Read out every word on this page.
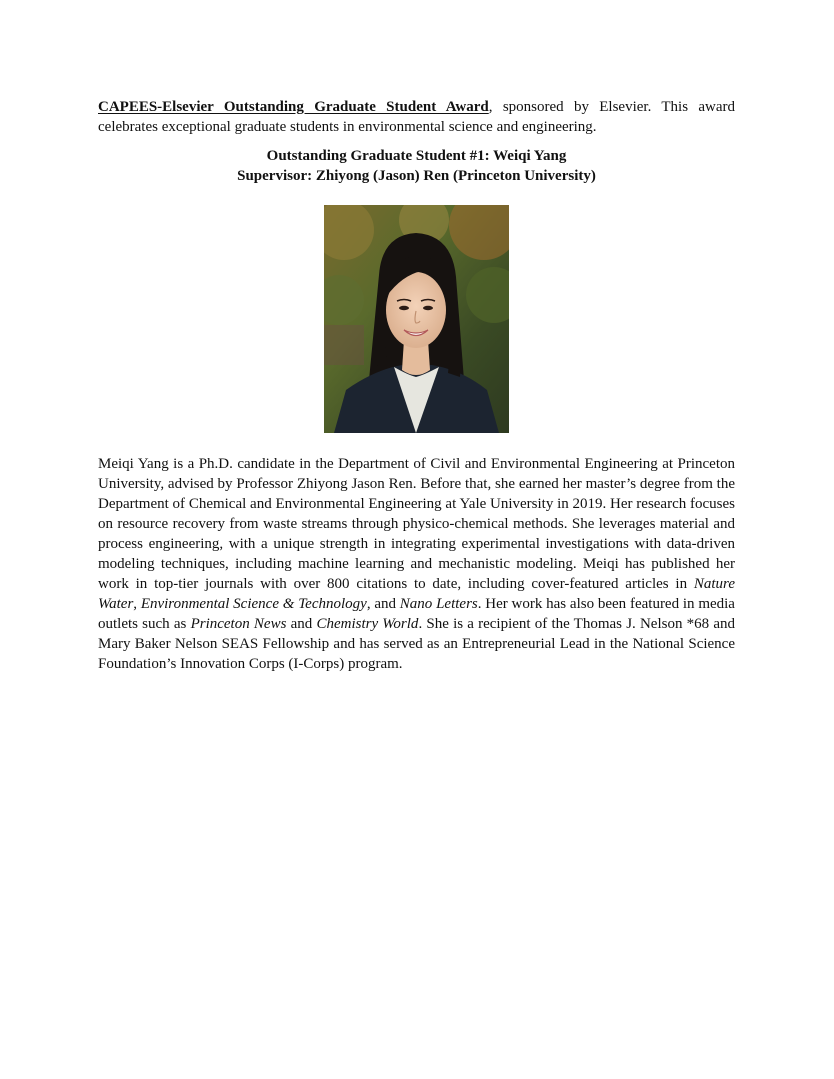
CAPEES-Elsevier Outstanding Graduate Student Award, sponsored by Elsevier. This award celebrates exceptional graduate students in environmental science and engineering.

Outstanding Graduate Student #1: Weiqi Yang
Supervisor: Zhiyong (Jason) Ren (Princeton University)

Meiqi Yang is a Ph.D. candidate in the Department of Civil and Environmental Engineering at Princeton University, advised by Professor Zhiyong Jason Ren. Before that, she earned her master’s degree from the Department of Chemical and Environmental Engineering at Yale University in 2019. Her research focuses on resource recovery from waste streams through physico-chemical methods. She leverages material and process engineering, with a unique strength in integrating experimental investigations with data-driven modeling techniques, including machine learning and mechanistic modeling. Meiqi has published her work in top-tier journals with over 800 citations to date, including cover-featured articles in Nature Water, Environmental Science & Technology, and Nano Letters. Her work has also been featured in media outlets such as Princeton News and Chemistry World. She is a recipient of the Thomas J. Nelson *68 and Mary Baker Nelson SEAS Fellowship and has served as an Entrepreneurial Lead in the National Science Foundation’s Innovation Corps (I-Corps) program.
